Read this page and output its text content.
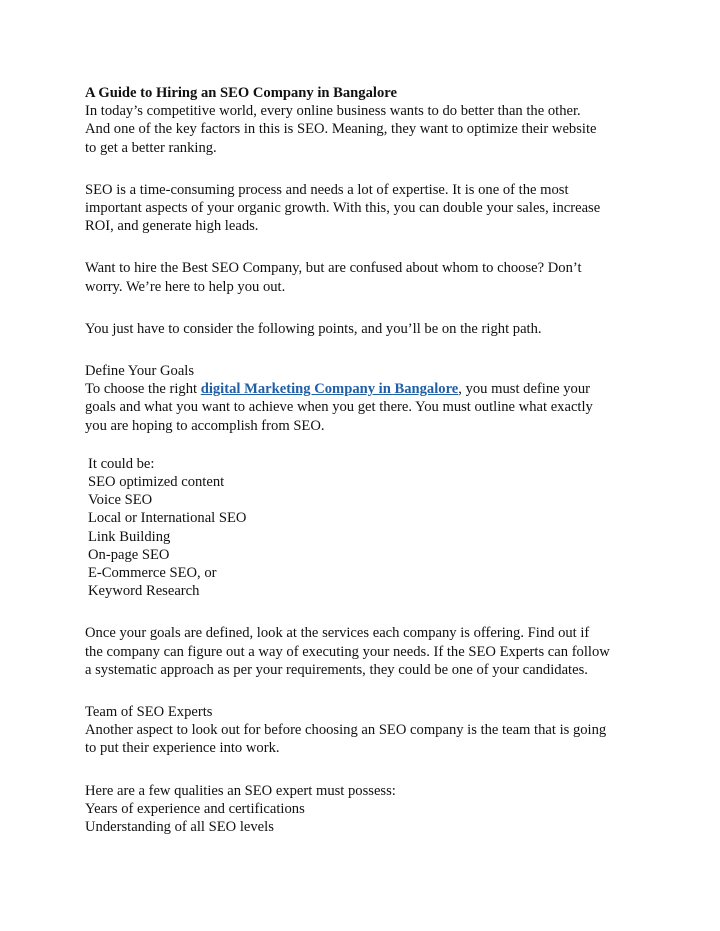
A Guide to Hiring an SEO Company in Bangalore
In today’s competitive world, every online business wants to do better than the other.
And one of the key factors in this is SEO. Meaning, they want to optimize their website
to get a better ranking.
SEO is a time-consuming process and needs a lot of expertise. It is one of the most
important aspects of your organic growth. With this, you can double your sales, increase
ROI, and generate high leads.
Want to hire the Best SEO Company, but are confused about whom to choose? Don’t
worry. We’re here to help you out.
You just have to consider the following points, and you’ll be on the right path.
Define Your Goals
To choose the right digital Marketing Company in Bangalore, you must define your
goals and what you want to achieve when you get there. You must outline what exactly
you are hoping to accomplish from SEO.
It could be:
SEO optimized content
Voice SEO
Local or International SEO
Link Building
On-page SEO
E-Commerce SEO, or
Keyword Research
Once your goals are defined, look at the services each company is offering. Find out if
the company can figure out a way of executing your needs. If the SEO Experts can follow
a systematic approach as per your requirements, they could be one of your candidates.
Team of SEO Experts
Another aspect to look out for before choosing an SEO company is the team that is going
to put their experience into work.
Here are a few qualities an SEO expert must possess:
Years of experience and certifications
Understanding of all SEO levels
